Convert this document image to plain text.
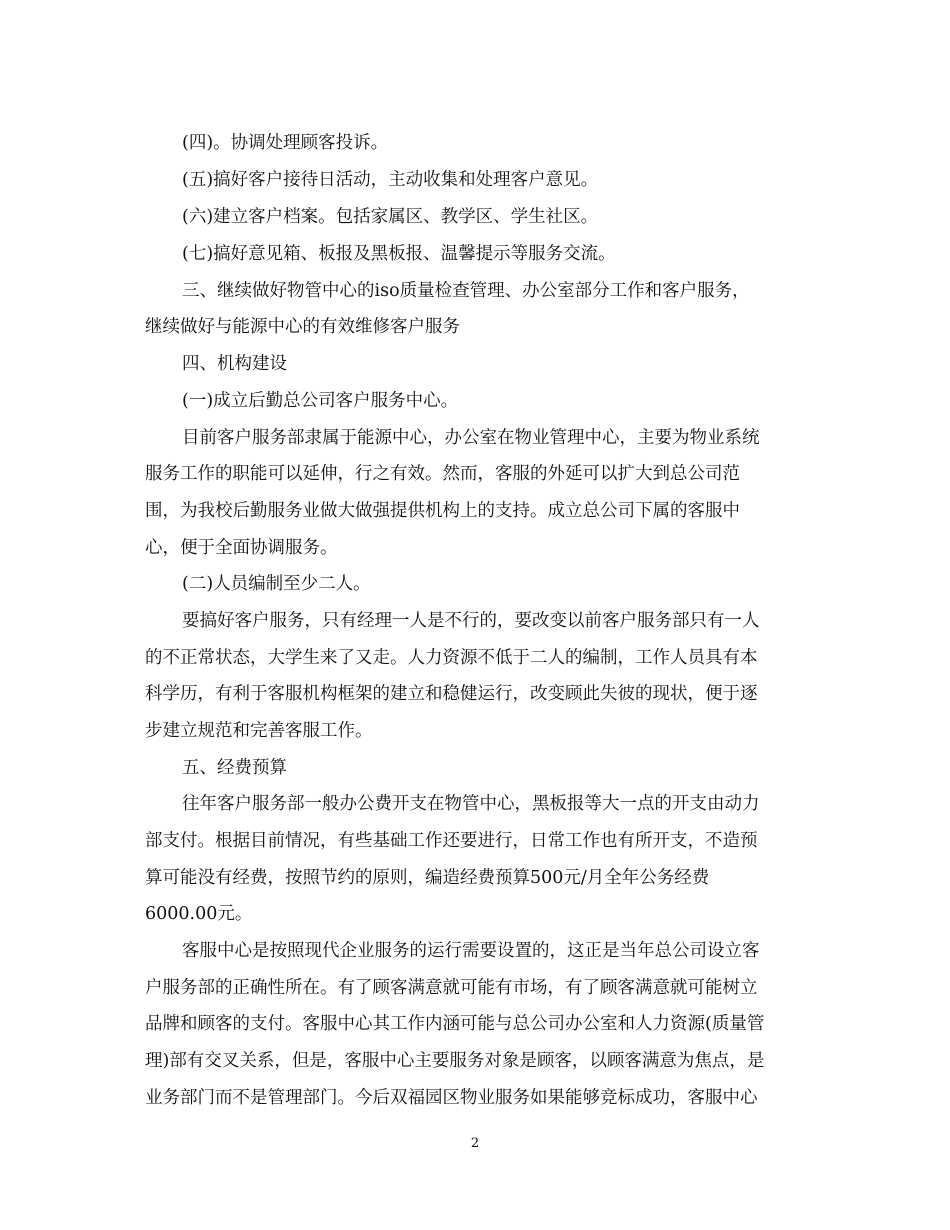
(四)。协调处理顾客投诉。
(五)搞好客户接待日活动，主动收集和处理客户意见。
(六)建立客户档案。包括家属区、教学区、学生社区。
(七)搞好意见箱、板报及黑板报、温馨提示等服务交流。
三、继续做好物管中心的iso质量检查管理、办公室部分工作和客户服务，
继续做好与能源中心的有效维修客户服务
四、机构建设
(一)成立后勤总公司客户服务中心。
目前客户服务部隶属于能源中心，办公室在物业管理中心，主要为物业系统
服务工作的职能可以延伸，行之有效。然而，客服的外延可以扩大到总公司范
围，为我校后勤服务业做大做强提供机构上的支持。成立总公司下属的客服中
心，便于全面协调服务。
(二)人员编制至少二人。
要搞好客户服务，只有经理一人是不行的，要改变以前客户服务部只有一人
的不正常状态，大学生来了又走。人力资源不低于二人的编制，工作人员具有本
科学历，有利于客服机构框架的建立和稳健运行，改变顾此失彼的现状，便于逐
步建立规范和完善客服工作。
五、经费预算
往年客户服务部一般办公费开支在物管中心，黑板报等大一点的开支由动力
部支付。根据目前情况，有些基础工作还要进行，日常工作也有所开支，不造预
算可能没有经费，按照节约的原则，编造经费预算500元/月全年公务经费
6000.00元。
客服中心是按照现代企业服务的运行需要设置的，这正是当年总公司设立客
户服务部的正确性所在。有了顾客满意就可能有市场，有了顾客满意就可能树立
品牌和顾客的支付。客服中心其工作内涵可能与总公司办公室和人力资源(质量管
理)部有交叉关系，但是，客服中心主要服务对象是顾客，以顾客满意为焦点，是
业务部门而不是管理部门。今后双福园区物业服务如果能够竞标成功，客服中心
2
